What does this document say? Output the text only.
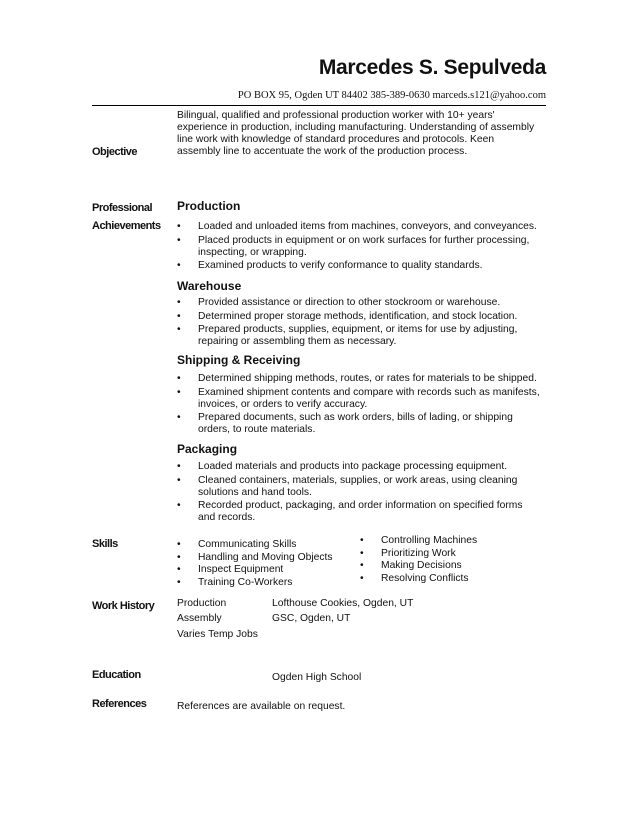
Marcedes S. Sepulveda
PO BOX 95, Ogden UT 84402 385-389-0630 marceds.s121@yahoo.com
Bilingual, qualified and professional production worker with 10+ years'
experience in production, including manufacturing. Understanding of assembly
line work with knowledge of standard procedures and protocols. Keen
assembly line to accentuate the work of the production process.
Objective
Professional
Achievements
Production
• Loaded and unloaded items from machines, conveyors, and conveyances.
• Placed products in equipment or on work surfaces for further processing,
inspecting, or wrapping.
• Examined products to verify conformance to quality standards.
Warehouse
• Provided assistance or direction to other stockroom or warehouse.
• Determined proper storage methods, identification, and stock location.
• Prepared products, supplies, equipment, or items for use by adjusting,
repairing or assembling them as necessary.
Shipping & Receiving
• Determined shipping methods, routes, or rates for materials to be shipped.
• Examined shipment contents and compare with records such as manifests,
invoices, or orders to verify accuracy.
• Prepared documents, such as work orders, bills of lading, or shipping
orders, to route materials.
Packaging
• Loaded materials and products into package processing equipment.
• Cleaned containers, materials, supplies, or work areas, using cleaning
solutions and hand tools.
• Recorded product, packaging, and order information on specified forms
and records.
Skills	• Communicating Skills
• Handling and Moving Objects
• Inspect Equipment
• Training Co-Workers
• Controlling Machines
• Prioritizing Work
• Making Decisions
• Resolving Conflicts
Work History Production	Lofthouse Cookies, Ogden, UT
Assembly	GSC, Ogden, UT
Varies Temp Jobs
Education	Ogden High School
References	References are available on request.
